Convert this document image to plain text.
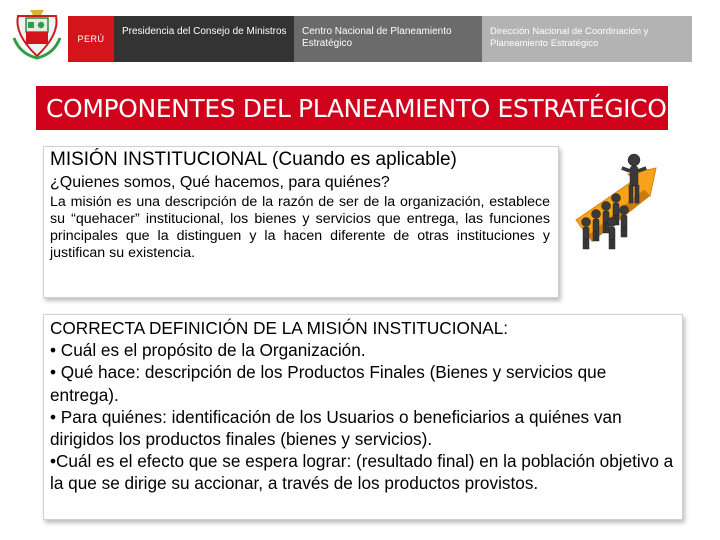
PERÚ
Presidencia del Consejo de Ministros	Centro Nacional de Planeamiento Estratégico
Dirección Nacional de Coordinación y Planeamiento Estratégico
COMPONENTES DEL PLANEAMIENTO ESTRATÉGICO
MISIÓN INSTITUCIONAL (Cuando es aplicable)
¿Quienes somos, Qué hacemos, para quiénes?
La misión es una descripción de la razón de ser de la organización, establece su “quehacer” institucional, los bienes y servicios que entrega, las funciones principales que la distinguen y la hacen diferente de otras instituciones y justifican su existencia.
CORRECTA DEFINICIÓN DE LA MISIÓN INSTITUCIONAL:
• Cuál es el propósito de la Organización.
• Qué hace: descripción de los Productos Finales (Bienes y servicios que entrega).
• Para quiénes: identificación de los Usuarios o beneficiarios a quiénes van dirigidos los productos finales (bienes y servicios).
•Cuál es el efecto que se espera lograr: (resultado final) en la población objetivo a la que se dirige su accionar, a través de los productos provistos.
